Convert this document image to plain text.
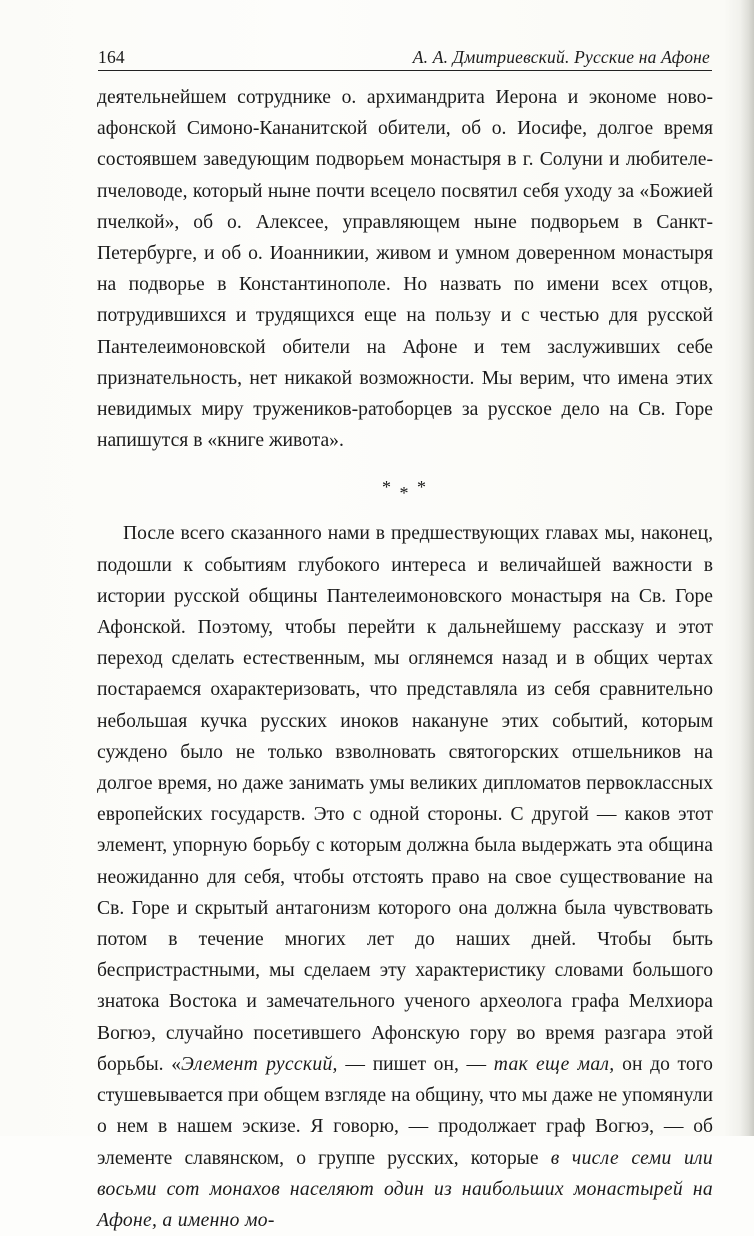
164	А. А. Дмитриевский. Русские на Афоне

деятельнейшем сотруднике о. архимандрита Иерона и экономе новоафонской Симоно-Кананитской обители, об о. Иосифе, долгое время состоявшем заведующим подворьем монастыря в г. Солуни и любителе-пчеловоде, который ныне почти всецело посвятил себя уходу за «Божией пчелкой», об о. Алексее, управляющем ныне подворьем в Санкт-Петербурге, и об о. Иоанникии, живом и умном доверенном монастыря на подворье в Константинополе. Но назвать по имени всех отцов, потрудившихся и трудящихся еще на пользу и с честью для русской Пантелеимоновской обители на Афоне и тем заслуживших себе признательность, нет никакой возможности. Мы верим, что имена этих невидимых миру тружеников-ратоборцев за русское дело на Св. Горе напишутся в «книге живота».

* * *

После всего сказанного нами в предшествующих главах мы, наконец, подошли к событиям глубокого интереса и величайшей важности в истории русской общины Пантелеимоновского монастыря на Св. Горе Афонской. Поэтому, чтобы перейти к дальнейшему рассказу и этот переход сделать естественным, мы оглянемся назад и в общих чертах постараемся охарактеризовать, что представляла из себя сравнительно небольшая кучка русских иноков накануне этих событий, которым суждено было не только взволновать святогорских отшельников на долгое время, но даже занимать умы великих дипломатов первоклассных европейских государств. Это с одной стороны. С другой — каков этот элемент, упорную борьбу с которым должна была выдержать эта община неожиданно для себя, чтобы отстоять право на свое существование на Св. Горе и скрытый антагонизм которого она должна была чувствовать потом в течение многих лет до наших дней. Чтобы быть беспристрастными, мы сделаем эту характеристику словами большого знатока Востока и замечательного ученого археолога графа Мелхиора Вогюэ, случайно посетившего Афонскую гору во время разгара этой борьбы. «Элемент русский, — пишет он, — так еще мал, он до того стушевывается при общем взгляде на общину, что мы даже не упомянули о нем в нашем эскизе. Я говорю, — продолжает граф Вогюэ, — об элементе славянском, о группе русских, которые в числе семи или восьми сот монахов населяют один из наибольших монастырей на Афоне, а именно мо-
